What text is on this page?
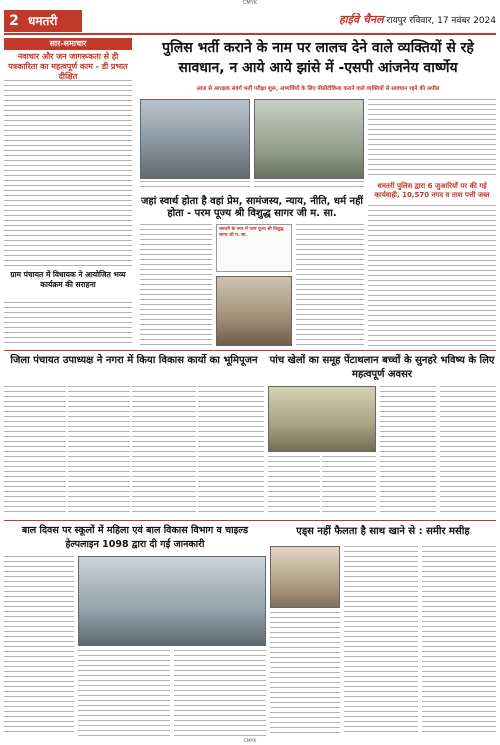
CMYK
2 धमतरी	हाईवे चैनल रायपुर रविवार, 17 नवंबर 2024
सार-समाचार
नवाचार और जन जागरूकता से ही पत्रकारिता का महत्वपूर्ण काम - डी प्रभात दीक्षित
ग्राम पंचायत में विधायक ने आयोजित भव्य कार्यक्रम की सराहना
पुलिस भर्ती कराने के नाम पर लालच देने वाले व्यक्तियों से रहे सावधान, न आये आये झांसे में -एसपी आंजनेय वार्ष्णेय
आज से आरक्षक संवर्ग भर्ती परीक्षा शुरू, अभ्यर्थियों के लिए पीसीटीकिया कराने वाले व्यक्तियों से सावधान रहने की अपील
धमतरी पुलिस द्वारा 6 जुआरियों पर की गई कार्यवाही, 10,570 नगद व ताश पत्ती जब्त
जहां स्वार्थ होता है वहां प्रेम, सामंजस्य, न्याय, नीति, धर्म नहीं होता - परम पूज्य श्री विशुद्ध सागर जी म. सा.
धमतरी के नगर में परम पूज्य श्री विशुद्ध सागर जी म. सा.
जिला पंचायत उपाध्यक्ष ने नगरा में किया विकास कार्यो का भूमिपूजन	पांच खेलों का समूह पेंटाथलान बच्चों के सुनहरे भविष्य के लिए महत्वपूर्ण अवसर
बाल दिवस पर स्कूलों में महिला एवं बाल विकास विभाग व चाइल्ड हेल्पलाइन 1098 द्वारा दी गई जानकारी
एड्स नहीं फैलता है साथ खाने से : समीर मसीह
CMYK
